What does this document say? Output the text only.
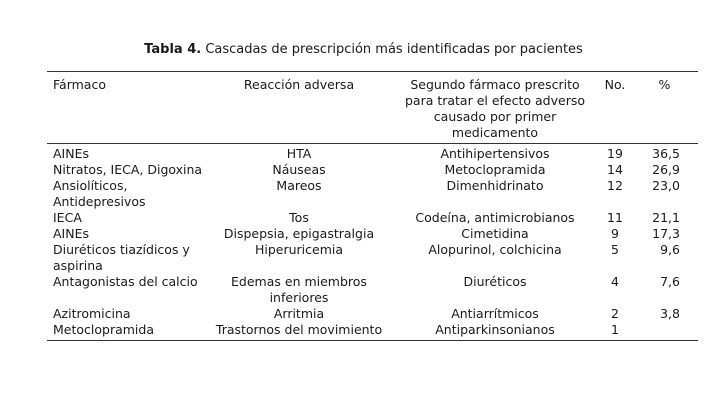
Tabla 4. Cascadas de prescripción más identificadas por pacientes
Fármaco	Reacción adversa	Segundo fármaco prescrito para tratar el efecto adverso causado por primer medicamento	No.	%
AINEs	HTA	Antihipertensivos	19	36,5
Nitratos, IECA, Digoxina	Náuseas	Metoclopramida	14	26,9
Ansiolíticos, Antidepresivos	Mareos	Dimenhidrinato	12	23,0
IECA	Tos	Codeína, antimicrobianos	11	21,1
AINEs	Dispepsia, epigastralgia	Cimetidina	9	17,3
Diuréticos tiazídicos y aspirina	Hiperuricemia	Alopurinol, colchicina	5	9,6
Antagonistas del calcio	Edemas en miembros inferiores	Diuréticos	4	7,6
Azitromicina	Arritmia	Antiarrítmicos	2	3,8
Metoclopramida	Trastornos del movimiento	Antiparkinsonianos	1	
